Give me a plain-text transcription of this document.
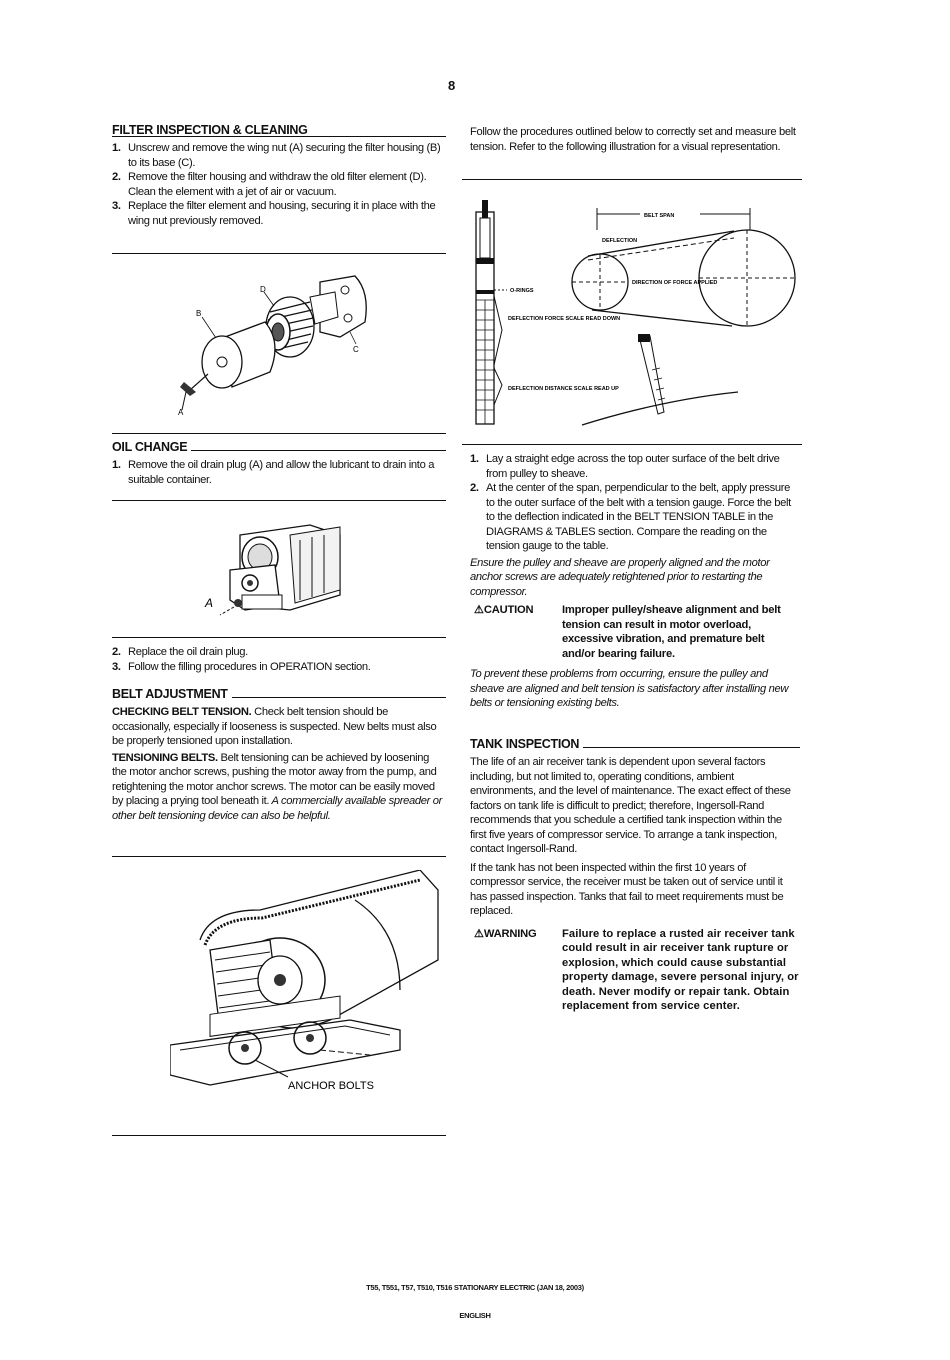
8
FILTER INSPECTION & CLEANING
1. Unscrew and remove the wing nut (A) securing the filter housing (B) to its base (C).
2. Remove the filter housing and withdraw the old filter element (D). Clean the element with a jet of air or vacuum.
3. Replace the filter element and housing, securing it in place with the wing nut previously removed.
B
D
C
A
OIL CHANGE
1. Remove the oil drain plug (A) and allow the lubricant to drain into a suitable container.
A
2. Replace the oil drain plug.
3. Follow the filling procedures in OPERATION section.
BELT ADJUSTMENT

CHECKING BELT TENSION. Check belt tension should be occasionally, especially if looseness is suspected. New belts must also be properly tensioned upon installation.

TENSIONING BELTS. Belt tensioning can be achieved by loosening the motor anchor screws, pushing the motor away from the pump, and retightening the motor anchor screws. The motor can be easily moved by placing a prying tool beneath it. A commercially available spreader or other belt tensioning device can also be helpful.

ANCHOR BOLTS

Follow the procedures outlined below to correctly set and measure belt tension. Refer to the following illustration for a visual representation.

O-RINGS
DEFLECTION FORCE SCALE READ DOWN
DEFLECTION DISTANCE SCALE READ UP
BELT SPAN
DEFLECTION
DIRECTION OF FORCE APPLIED
1. Lay a straight edge across the top outer surface of the belt drive from pulley to sheave.
2. At the center of the span, perpendicular to the belt, apply pressure to the outer surface of the belt with a tension gauge. Force the belt to the deflection indicated in the BELT TENSION TABLE in the DIAGRAMS & TABLES section. Compare the reading on the tension gauge to the table.

Ensure the pulley and sheave are properly aligned and the motor anchor screws are adequately retightened prior to restarting the compressor.

⚠CAUTION	Improper pulley/sheave alignment and belt tension can result in motor overload, excessive vibration, and premature belt and/or bearing failure.

To prevent these problems from occurring, ensure the pulley and sheave are aligned and belt tension is satisfactory after installing new belts or tensioning existing belts.

TANK INSPECTION

The life of an air receiver tank is dependent upon several factors including, but not limited to, operating conditions, ambient environments, and the level of maintenance. The exact effect of these factors on tank life is difficult to predict; therefore, Ingersoll-Rand recommends that you schedule a certified tank inspection within the first five years of compressor service. To arrange a tank inspection, contact Ingersoll-Rand.

If the tank has not been inspected within the first 10 years of compressor service, the receiver must be taken out of service until it has passed inspection. Tanks that fail to meet requirements must be replaced.

⚠WARNING	Failure to replace a rusted air receiver tank could result in air receiver tank rupture or explosion, which could cause substantial property damage, severe personal injury, or death. Never modify or repair tank. Obtain replacement from service center.
T55, T551, T57, T510, T516 STATIONARY ELECTRIC (JAN 18, 2003)
ENGLISH
